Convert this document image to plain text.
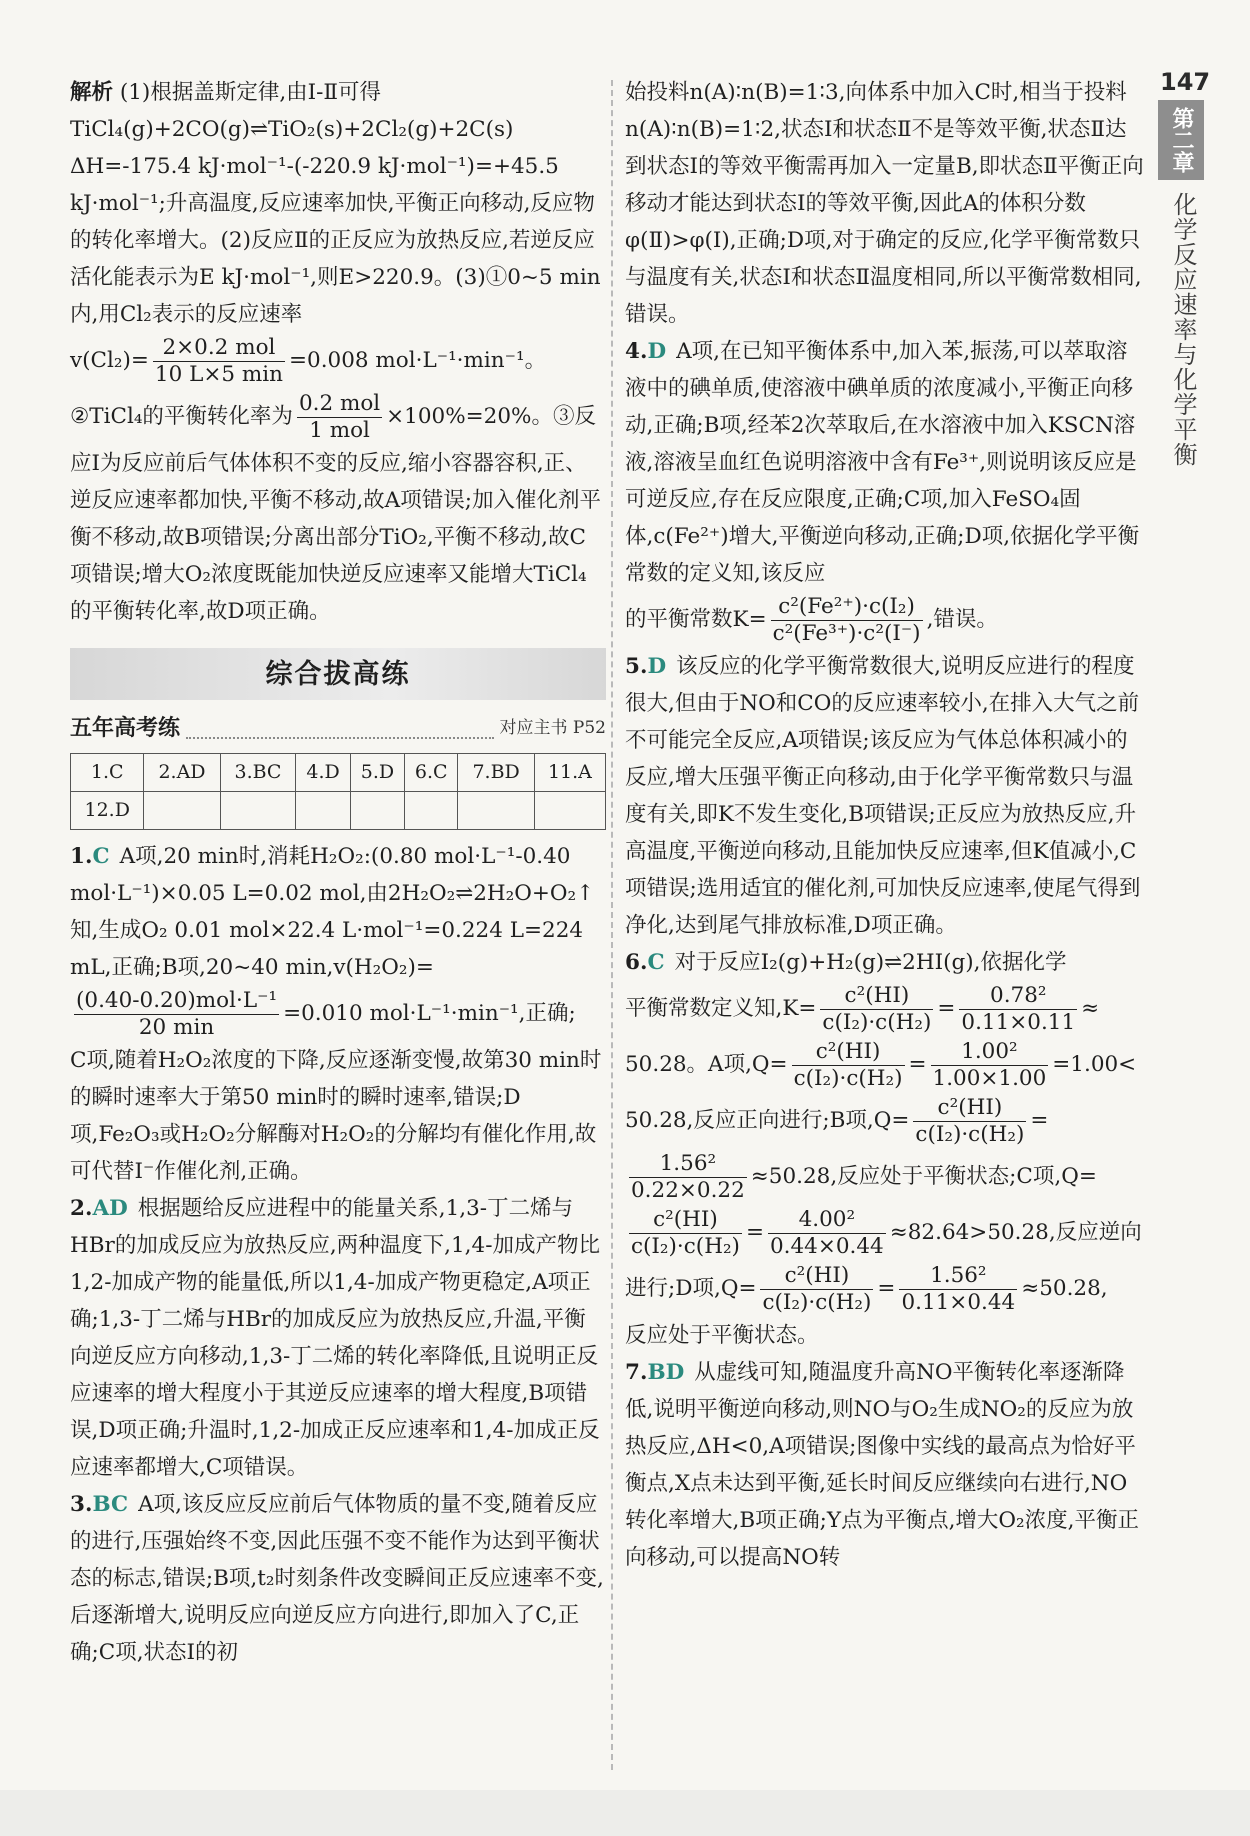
147
第二章
化学反应速率与化学平衡

解析 (1)根据盖斯定律,由Ⅰ-Ⅱ可得TiCl₄(g)+2CO(g)⇌TiO₂(s)+2Cl₂(g)+2C(s) ΔH=-175.4 kJ·mol⁻¹-(-220.9 kJ·mol⁻¹)=+45.5 kJ·mol⁻¹;升高温度,反应速率加快,平衡正向移动,反应物的转化率增大。(2)反应Ⅱ的正反应为放热反应,若逆反应活化能表示为E kJ·mol⁻¹,则E>220.9。(3)①0~5 min内,用Cl₂表示的反应速率

$v(Cl_2)= \frac{\text{2×0.2 mol}}{10 L\times 5 \min} =0.008$ mol·L⁻¹·min⁻¹。

②TiCl₄的平衡转化率为 $\frac{\text{0.2 mol}}{\text{1 mol}} \times 100\%=20\%$。③反

应Ⅰ为反应前后气体体积不变的反应,缩小容器容积,正、逆反应速率都加快,平衡不移动,故A项错误;加入催化剂平衡不移动,故B项错误;分离出部分TiO₂,平衡不移动,故C项错误;增大O₂浓度既能加快逆反应速率又能增大TiCl₄的平衡转化率,故D项正确。

综合拔高练
五年高考练	对应主书 P52
1.C	2.AD	3.BC	4.D	5.D	6.C	7.BD	11.A
12.D							

1.C A项,20 min时,消耗H₂O₂:(0.80 mol·L⁻¹-0.40 mol·L⁻¹)×0.05 L=0.02 mol,由2H₂O₂⇌2H₂O+O₂↑知,生成O₂ 0.01 mol×22.4 L·mol⁻¹=0.224 L=224 mL,正确;B项,20~40 min,v(H₂O₂)=

$\frac{\text{(0.40-0.20)mol·L⁻¹}}{20 \min} =0.010$ mol·L⁻¹·min⁻¹,正确;

C项,随着H₂O₂浓度的下降,反应逐渐变慢,故第30 min时的瞬时速率大于第50 min时的瞬时速率,错误;D项,Fe₂O₃或H₂O₂分解酶对H₂O₂的分解均有催化作用,故可代替I⁻作催化剂,正确。

2.AD 根据题给反应进程中的能量关系,1,3-丁二烯与HBr的加成反应为放热反应,两种温度下,1,4-加成产物比1,2-加成产物的能量低,所以1,4-加成产物更稳定,A项正确;1,3-丁二烯与HBr的加成反应为放热反应,升温,平衡向逆反应方向移动,1,3-丁二烯的转化率降低,且说明正反应速率的增大程度小于其逆反应速率的增大程度,B项错误,D项正确;升温时,1,2-加成正反应速率和1,4-加成正反应速率都增大,C项错误。

3.BC A项,该反应反应前后气体物质的量不变,随着反应的进行,压强始终不变,因此压强不变不能作为达到平衡状态的标志,错误;B项,t₂时刻条件改变瞬间正反应速率不变,后逐渐增大,说明反应向逆反应方向进行,即加入了C,正确;C项,状态Ⅰ的初

始投料n(A)∶n(B)=1∶3,向体系中加入C时,相当于投料n(A)∶n(B)=1∶2,状态Ⅰ和状态Ⅱ不是等效平衡,状态Ⅱ达到状态Ⅰ的等效平衡需再加入一定量B,即状态Ⅱ平衡正向移动才能达到状态Ⅰ的等效平衡,因此A的体积分数φ(Ⅱ)>φ(Ⅰ),正确;D项,对于确定的反应,化学平衡常数只与温度有关,状态Ⅰ和状态Ⅱ温度相同,所以平衡常数相同,错误。

4.D A项,在已知平衡体系中,加入苯,振荡,可以萃取溶液中的碘单质,使溶液中碘单质的浓度减小,平衡正向移动,正确;B项,经苯2次萃取后,在水溶液中加入KSCN溶液,溶液呈血红色说明溶液中含有Fe³⁺,则说明该反应是可逆反应,存在反应限度,正确;C项,加入FeSO₄固体,c(Fe²⁺)增大,平衡逆向移动,正确;D项,依据化学平衡常数的定义知,该反应

的平衡常数$K= \frac{\text{c²(Fe²⁺)·c(I₂)}}{\text{c²(Fe³⁺)·c²(I⁻)}}$ ,错误。

5.D 该反应的化学平衡常数很大,说明反应进行的程度很大,但由于NO和CO的反应速率较小,在排入大气之前不可能完全反应,A项错误;该反应为气体总体积减小的反应,增大压强平衡正向移动,由于化学平衡常数只与温度有关,即K不发生变化,B项错误;正反应为放热反应,升高温度,平衡逆向移动,且能加快反应速率,但K值减小,C项错误;选用适宜的催化剂,可加快反应速率,使尾气得到净化,达到尾气排放标准,D项正确。

6.C 对于反应I₂(g)+H₂(g)⇌2HI(g),依据化学

平衡常数定义知$,K= \frac{\text{c²(HI)}}{\text{c(I₂)·c(H₂)}} = \frac{\text{0.78²}}{0.11\times 0.11}$ ≈

50.28。A项$,Q= \frac{\text{c²(HI)}}{\text{c(I₂)·c(H₂)}} = \frac{\text{1.00²}}{1.00\times 1.00} =1.00<$

50.28,反应正向进行;B项$,Q= \frac{\text{c²(HI)}}{\text{c(I₂)·c(H₂)}}$ =

$\frac{\text{1.56²}}{0.22\times 0.22} \approx 50.28$,反应处于平衡状态;C项,Q=

$\frac{\text{c²(HI)}}{\text{c(I₂)·c(H₂)}} = \frac{\text{4.00²}}{0.44\times 0.44} \approx 82.64>50.28$,反应逆向

进行;D项$,Q= \frac{\text{c²(HI)}}{\text{c(I₂)·c(H₂)}} = \frac{\text{1.56²}}{0.11\times 0.44} \approx 50.28$,

反应处于平衡状态。

7.BD 从虚线可知,随温度升高NO平衡转化率逐渐降低,说明平衡逆向移动,则NO与O₂生成NO₂的反应为放热反应,ΔH<0,A项错误;图像中实线的最高点为恰好平衡点,X点未达到平衡,延长时间反应继续向右进行,NO转化率增大,B项正确;Y点为平衡点,增大O₂浓度,平衡正向移动,可以提高NO转
